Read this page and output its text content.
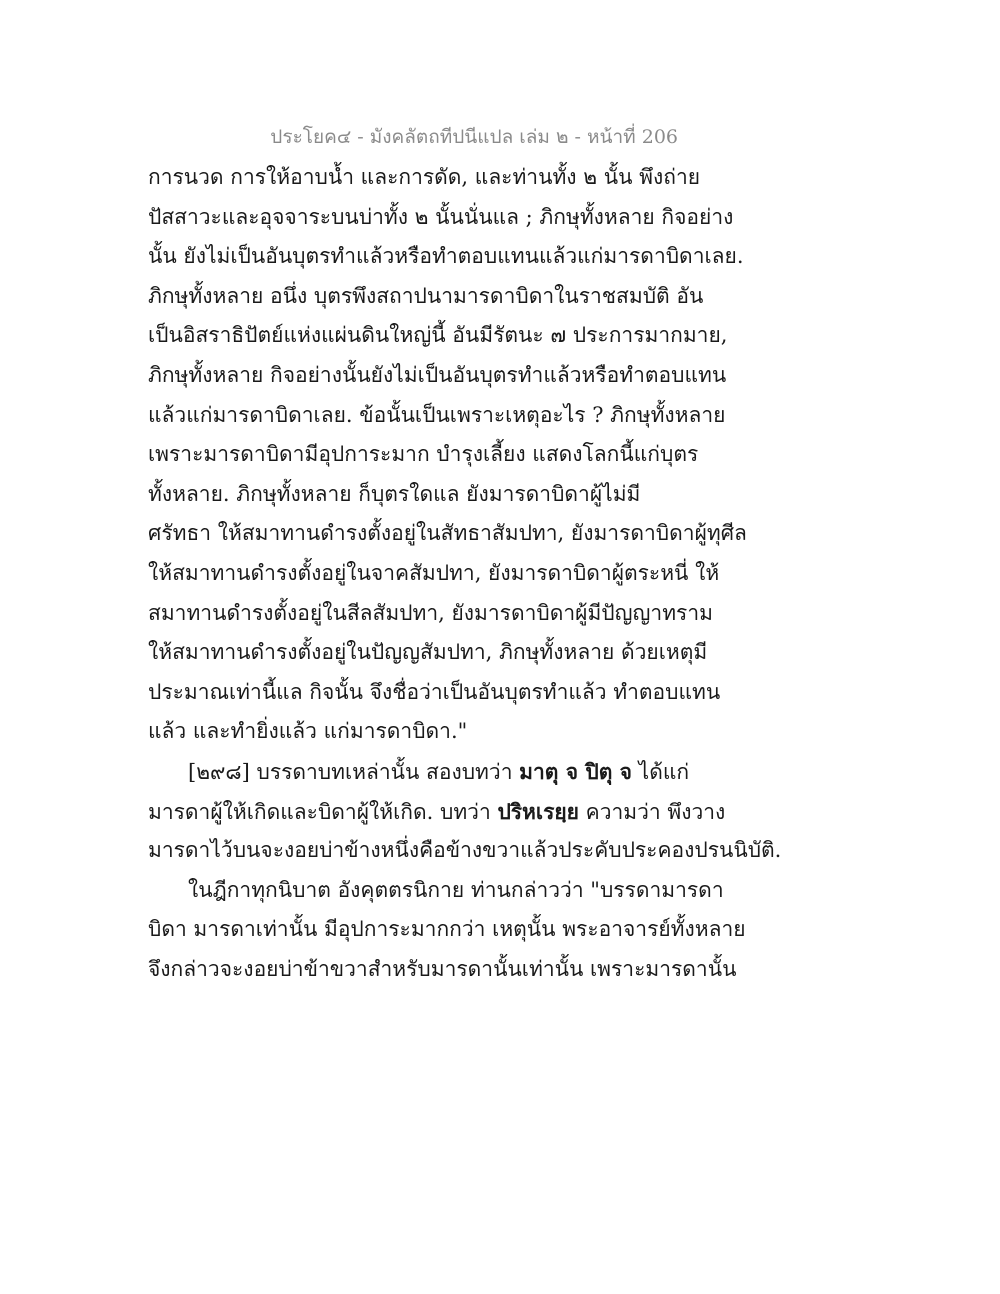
ประโยค๔ - มังคลัตถทีปนีแปล เล่ม ๒ - หน้าที่ 206
การนวด การให้อาบน้ำ และการดัด, และท่านทั้ง ๒ นั้น พึงถ่าย
ปัสสาวะและอุจจาระบนบ่าทั้ง ๒ นั้นนั่นแล ; ภิกษุทั้งหลาย กิจอย่าง
นั้น ยังไม่เป็นอันบุตรทำแล้วหรือทำตอบแทนแล้วแก่มารดาบิดาเลย.
ภิกษุทั้งหลาย อนึ่ง บุตรพึงสถาปนามารดาบิดาในราชสมบัติ อัน
เป็นอิสราธิปัตย์แห่งแผ่นดินใหญ่นี้ อันมีรัตนะ ๗ ประการมากมาย,
ภิกษุทั้งหลาย กิจอย่างนั้นยังไม่เป็นอันบุตรทำแล้วหรือทำตอบแทน
แล้วแก่มารดาบิดาเลย. ข้อนั้นเป็นเพราะเหตุอะไร ? ภิกษุทั้งหลาย
เพราะมารดาบิดามีอุปการะมาก บำรุงเลี้ยง แสดงโลกนี้แก่บุตร
ทั้งหลาย. ภิกษุทั้งหลาย ก็บุตรใดแล ยังมารดาบิดาผู้ไม่มี
ศรัทธา ให้สมาทานดำรงตั้งอยู่ในสัทธาสัมปทา, ยังมารดาบิดาผู้ทุศีล
ให้สมาทานดำรงตั้งอยู่ในจาคสัมปทา, ยังมารดาบิดาผู้ตระหนี่ ให้
สมาทานดำรงตั้งอยู่ในสีลสัมปทา, ยังมารดาบิดาผู้มีปัญญาทราม
ให้สมาทานดำรงตั้งอยู่ในปัญญสัมปทา, ภิกษุทั้งหลาย ด้วยเหตุมี
ประมาณเท่านี้แล กิจนั้น จึงชื่อว่าเป็นอันบุตรทำแล้ว ทำตอบแทน
แล้ว และทำยิ่งแล้ว แก่มารดาบิดา."
[๒๙๘] บรรดาบทเหล่านั้น สองบทว่า มาตุ จ ปิตุ จ ได้แก่
มารดาผู้ให้เกิดและบิดาผู้ให้เกิด. บทว่า ปริหเรยฺย ความว่า พึงวาง
มารดาไว้บนจะงอยบ่าข้างหนึ่งคือข้างขวาแล้วประคับประคองปรนนิบัติ.
ในฎีกาทุกนิบาต อังคุตตรนิกาย ท่านกล่าวว่า "บรรดามารดา
บิดา มารดาเท่านั้น มีอุปการะมากกว่า เหตุนั้น พระอาจารย์ทั้งหลาย
จึงกล่าวจะงอยบ่าข้าขวาสำหรับมารดานั้นเท่านั้น เพราะมารดานั้น
